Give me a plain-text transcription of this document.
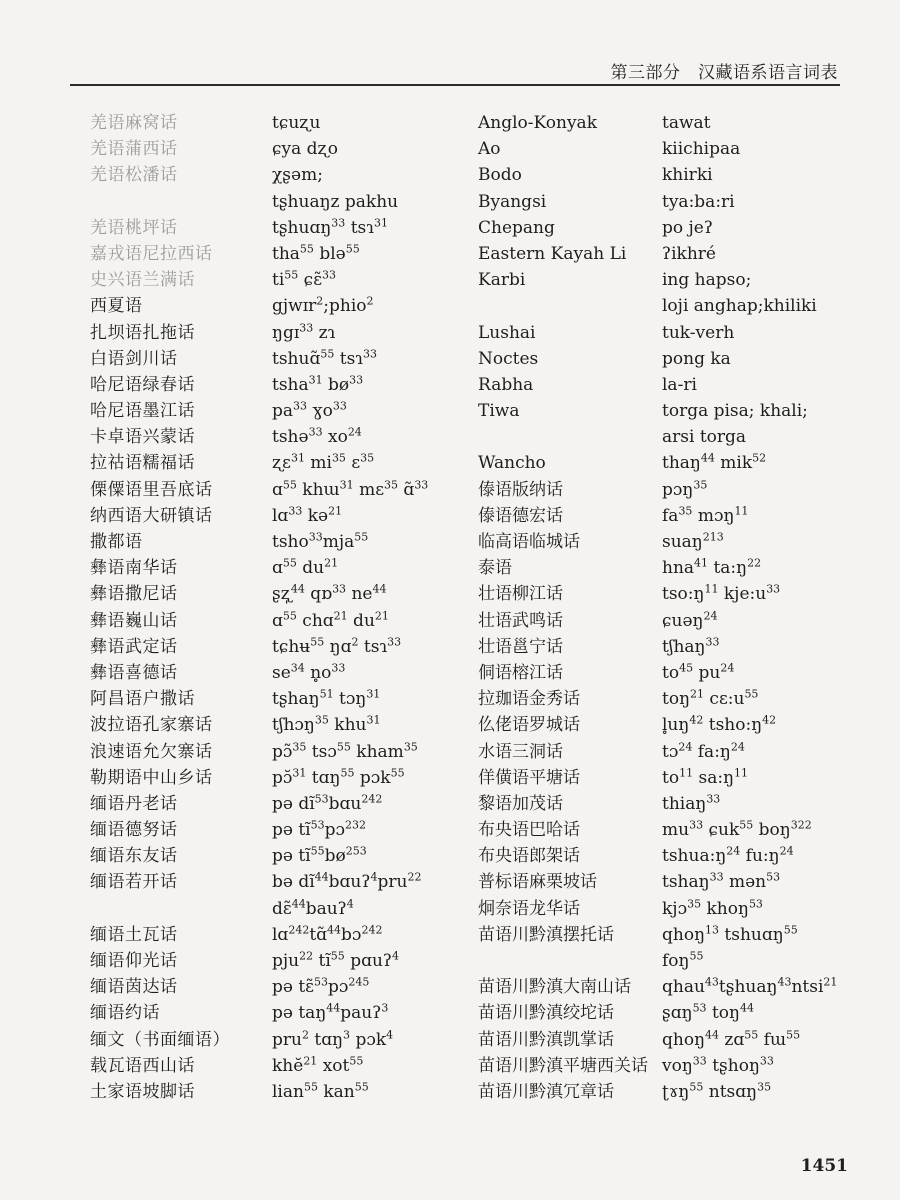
第三部分　汉藏语系语言词表
羌语麻窝话
羌语蒲西话
羌语松潘话
羌语桃坪话
嘉戎语尼拉西话
史兴语兰满话
西夏语
扎坝语扎拖话
白语剑川话
哈尼语绿春话
哈尼语墨江话
卡卓语兴蒙话
拉祜语糯福话
傈僳语里吾底话
纳西语大研镇话
撒都语
彝语南华话
彝语撒尼话
彝语巍山话
彝语武定话
彝语喜德话
阿昌语户撒话
波拉语孔家寨话
浪速语允欠寨话
勒期语中山乡话
缅语丹老话
缅语德努话
缅语东友话
缅语若开话
缅语土瓦话
缅语仰光话
缅语茵达话
缅语约话
缅文（书面缅语）
载瓦语西山话
土家语坡脚话
tɕuʐu
ɕya dʐo
χʂəm;
tʂhuaŋz pakhu
tʂhuɑŋ$^{33}$ tsɿ$^{31}$
tha$^{55}$ blə$^{55}$
$ti^{55}$ ɕɛ̃$^{33}$
gjwɪr$^2$;phio$^2$
ŋgɪ$^{33}$ zɿ
tshuɑ̃$^{55}$ tsɿ$^{33}$
tsha$^{31}$ $bø^{33}$
$pa^{33}$ ɣo$^{33}$
tshə$^{33}$ $xo^{24}$
ʐɛ$^{31}$ $mi^{35}$ ɛ$^{35}$
ɑ$^{55}$ khɯ$^{31}$ mɛ$^{35}$ ɑ̃$^{33}$
lɑ$^{33}$ kə$^{21}$
tsho$^{33}$mja$^{55}$
ɑ$^{55}$ $du^{21}$
ʂʐ̩$^{44}$ qɒ$^{33}$ $ne^{44}$
ɑ$^{55}$ chɑ$^{21}$ $du^{21}$
tɕhʉ$^{55}$ ŋɑ$^2$ tsɿ$^{33}$
$se^{34}$ $n̥o^{33}$
tʂhaŋ$^{51}$ tɔŋ$^{31}$
tʃhɔŋ$^{35}$ khu$^{31}$
pɔ̃$^{35}$ tsɔ$^{55}$ kham$^{35}$
pɔ̆$^{31}$ tɑŋ$^{55}$ pɔk$^{55}$
pə $dĩ^{53}bɑu^{242}$
pə $tĩ^{53}pɔ^{232}$
pə $tĩ^{55}bø^{253}$
bə $dĩ^{44}bɑuʔ^4pru^{22}$
dɛ̃$^{44}$bauʔ$^4$
lɑ$^{242}$tɑ̃$^{44}$bɔ$^{242}$
pju$^{22}$ $tĩ^{55}$ pɑuʔ$^4$
pə tɛ̃$^{53}$pɔ$^{245}$
pə taŋ$^{44}$pauʔ$^3$
pru$^2$ tɑŋ$^3$ pɔk$^4$
khĕ$^{21}$ xot$^{55}$
lian$^{55}$ kan$^{55}$
Anglo-Konyak
Ao
Bodo
Byangsi
Chepang
Eastern Kayah Li
Karbi
Lushai
Noctes
Rabha
Tiwa
Wancho
傣语版纳话
傣语德宏话
临高语临城话
泰语
壮语柳江话
壮语武鸣话
壮语邕宁话
侗语榕江话
拉珈语金秀话
仫佬语罗城话
水语三洞话
佯僙语平塘话
黎语加茂话
布央语巴哈话
布央语郎架话
普标语麻栗坡话
炯奈语龙华话
苗语川黔滇摆托话
苗语川黔滇大南山话
苗语川黔滇绞坨话
苗语川黔滇凯掌话
苗语川黔滇平塘西关话
苗语川黔滇冗章话
tawat
kiichipaa
khirki
tya:ba:ri
po jeʔ
ʔikhré
ing hapso;
loji anghap;khiliki
tuk-verh
pong ka
la-ri
torga pisa; khali;
arsi torga
thaŋ$^{44}$ mik$^{52}$
pɔŋ$^{35}$
$fa^{35}$ mɔŋ$^{11}$
suaŋ$^{213}$
hna$^{41}$ $ta:ŋ^{22}$
$tso:ŋ^{11}$ $kje:u^{33}$
ɕuəŋ$^{24}$
tʃhaŋ$^{33}$
$to^{45}$ $pu^{24}$
toŋ$^{21}$ $cɛ:u^{55}$
$l̥uŋ^{42}$ $tsho:ŋ^{42}$
tɔ$^{24}$ $fa:ŋ^{24}$
$to^{11}$ $sa:ŋ^{11}$
thiaŋ$^{33}$
$mu^{33}$ ɕuk$^{55}$ boŋ$^{322}$
$tshua:ŋ^{24}$ $fu:ŋ^{24}$
tshaŋ$^{33}$ mən$^{53}$
kjɔ$^{35}$ khoŋ$^{53}$
qhoŋ$^{13}$ tshuɑŋ$^{55}$
foŋ$^{55}$
qhau$^{43}$tʂhuaŋ$^{43}$ntsi$^{21}$
ʂɑŋ$^{53}$ toŋ$^{44}$
qhoŋ$^{44}$ zɑ$^{55}$ fɯ$^{55}$
voŋ$^{33}$ tʂhoŋ$^{33}$
ʈɤŋ$^{55}$ ntsɑŋ$^{35}$
1451
